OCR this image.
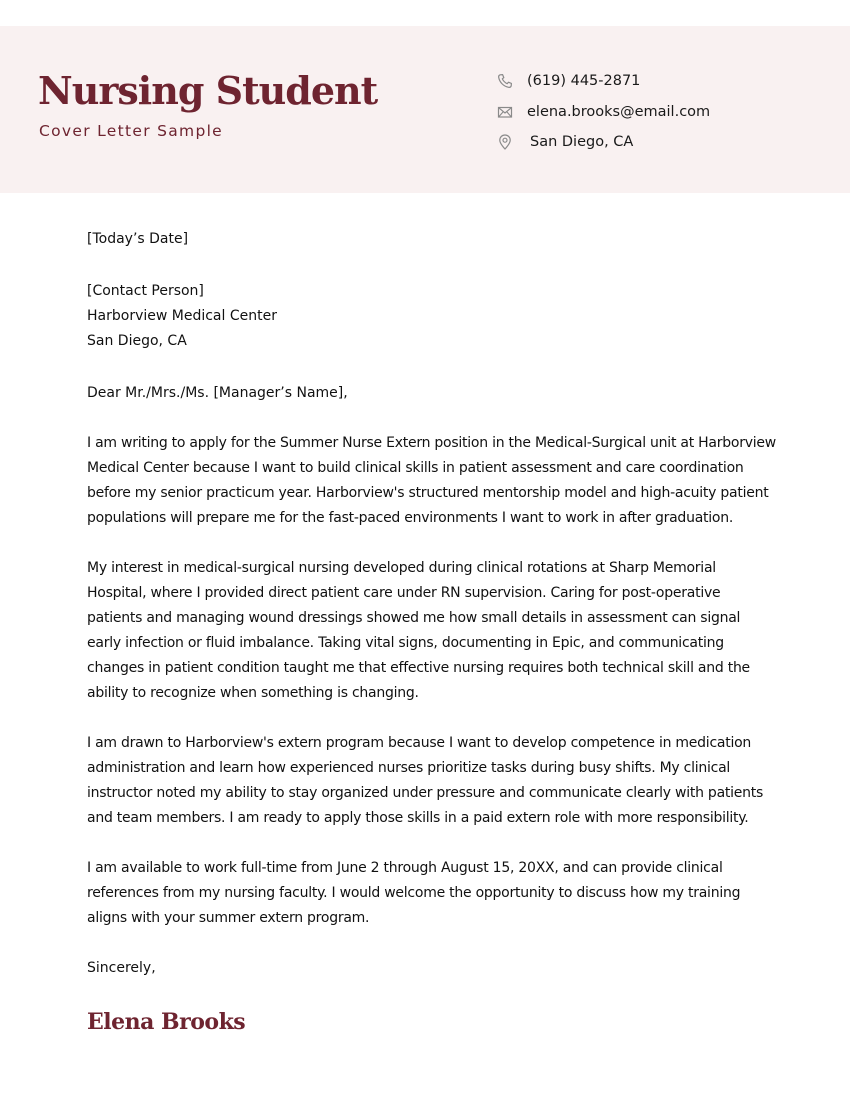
Nursing Student
Cover Letter Sample
(619) 445-2871
elena.brooks@email.com
San Diego, CA

[Today’s Date]

[Contact Person]

Harborview Medical Center

San Diego, CA

Dear Mr./Mrs./Ms. [Manager’s Name],

I am writing to apply for the Summer Nurse Extern position in the Medical-Surgical unit at Harborview Medical Center because I want to build clinical skills in patient assessment and care coordination before my senior practicum year. Harborview's structured mentorship model and high-acuity patient populations will prepare me for the fast-paced environments I want to work in after graduation.

My interest in medical-surgical nursing developed during clinical rotations at Sharp Memorial Hospital, where I provided direct patient care under RN supervision. Caring for post-operative patients and managing wound dressings showed me how small details in assessment can signal early infection or fluid imbalance. Taking vital signs, documenting in Epic, and communicating changes in patient condition taught me that effective nursing requires both technical skill and the ability to recognize when something is changing.

I am drawn to Harborview's extern program because I want to develop competence in medication administration and learn how experienced nurses prioritize tasks during busy shifts. My clinical instructor noted my ability to stay organized under pressure and communicate clearly with patients and team members. I am ready to apply those skills in a paid extern role with more responsibility.

I am available to work full-time from June 2 through August 15, 20XX, and can provide clinical references from my nursing faculty. I would welcome the opportunity to discuss how my training aligns with your summer extern program.

Sincerely,

Elena Brooks
